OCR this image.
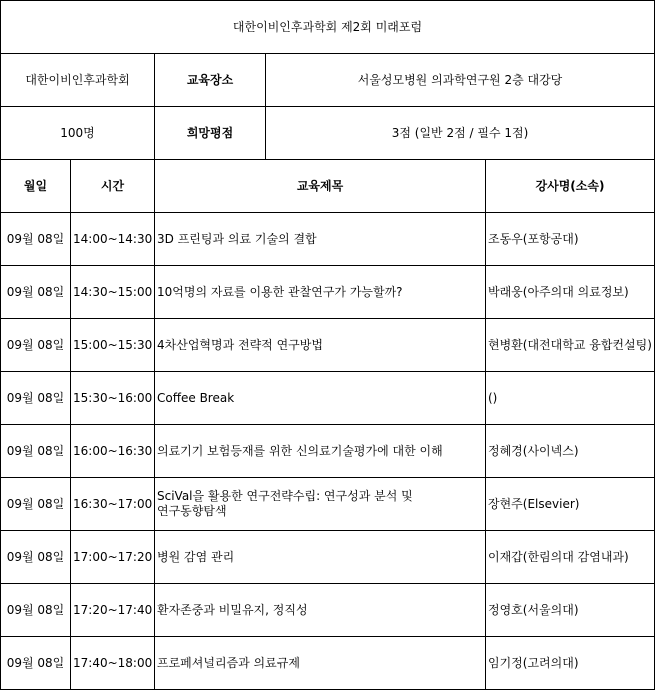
대한이비인후과학회 제2회 미래포럼				
대한이비인후과학회		교육장소	서울성모병원 의과학연구원 2층 대강당	
100명		희망평점	3점 (일반 2점 / 필수 1점)	
월일	시간	교육제목		강사명(소속)
09월 08일	14:00~14:30	3D 프린팅과 의료 기술의 결합		조동우(포항공대)
09월 08일	14:30~15:00	10억명의 자료를 이용한 관찰연구가 가능할까?		박래웅(아주의대 의료정보)
09월 08일	15:00~15:30	4차산업혁명과 전략적 연구방법		현병환(대전대학교 융합컨설팅)
09월 08일	15:30~16:00	Coffee Break		()
09월 08일	16:00~16:30	의료기기 보험등재를 위한 신의료기술평가에 대한 이해		정혜경(사이넥스)
09월 08일	16:30~17:00	SciVal을 활용한 연구전략수립: 연구성과 분석 및 연구동향탐색		장현주(Elsevier)
09월 08일	17:00~17:20	병원 감염 관리		이재갑(한림의대 감염내과)
09월 08일	17:20~17:40	환자존중과 비밀유지, 정직성		정영호(서울의대)
09월 08일	17:40~18:00	프로페셔널리즘과 의료규제		임기정(고려의대)
